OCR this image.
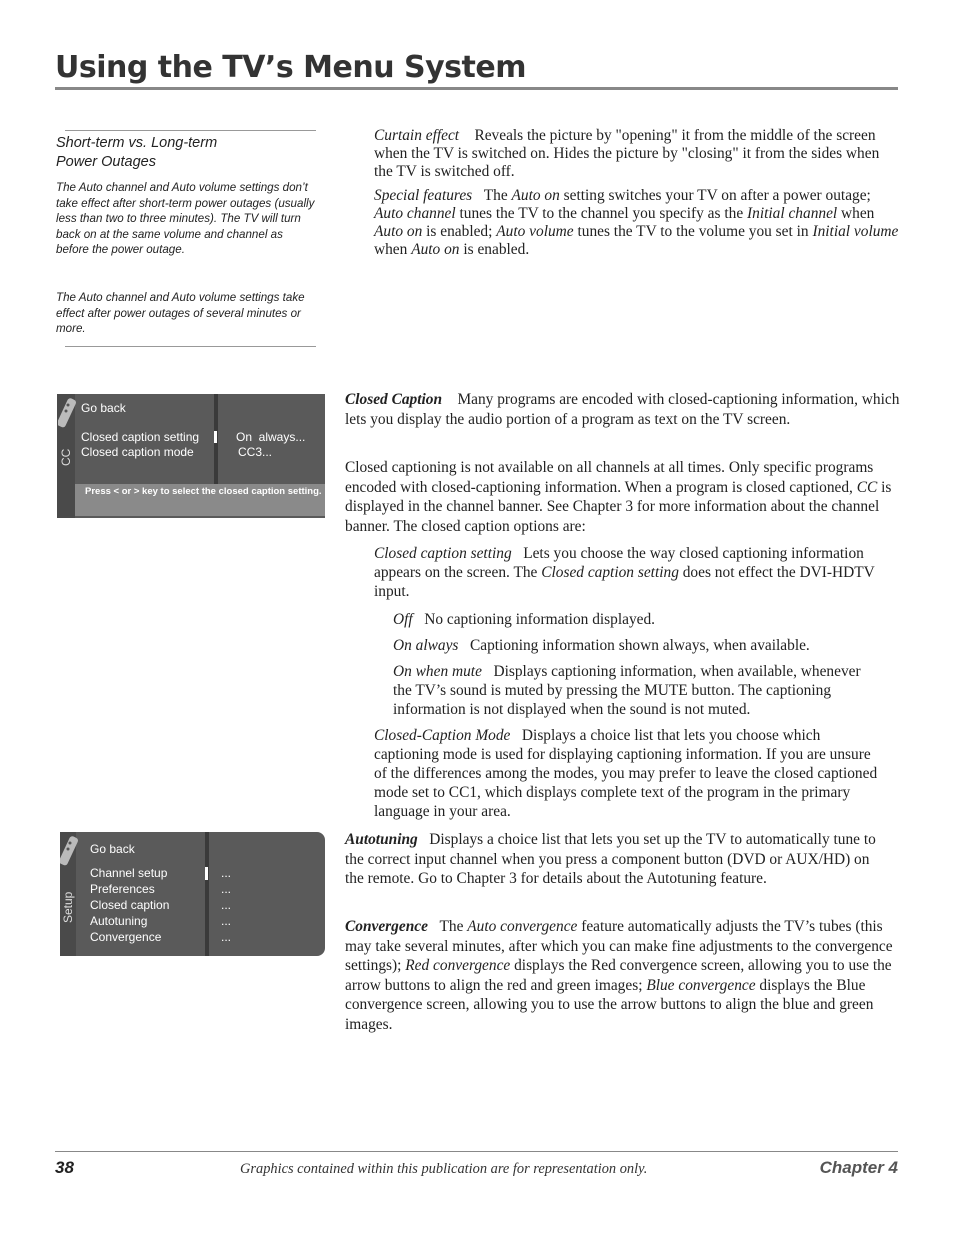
Using the TV’s Menu System
Short-term vs. Long-term
Power Outages

The Auto channel and Auto volume settings don’t take effect after short-term power outages (usually less than two to three minutes). The TV will turn back on at the same volume and channel as before the power outage.

The Auto channel and Auto volume settings take effect after power outages of several minutes or more.

Curtain effect Reveals the picture by "opening" it from the middle of the screen when the TV is switched on. Hides the picture by "closing" it from the sides when the TV is switched off.

Special features The Auto on setting switches your TV on after a power outage; Auto channel tunes the TV to the channel you specify as the Initial channel when Auto on is enabled; Auto volume tunes the TV to the volume you set in Initial volume when Auto on is enabled.

CC
Go back
Closed caption setting
Closed caption mode
On  always...
CC3...
Press < or > key to select the closed caption setting.

Closed Caption Many programs are encoded with closed-captioning information, which lets you display the audio portion of a program as text on the TV screen.

Closed captioning is not available on all channels at all times. Only specific programs encoded with closed-captioning information. When a program is closed captioned, CC is displayed in the channel banner. See Chapter 3 for more information about the channel banner. The closed caption options are:

Closed caption setting Lets you choose the way closed captioning information appears on the screen. The Closed caption setting does not effect the DVI-HDTV input.

Off No captioning information displayed.

On always Captioning information shown always, when available.

On when mute Displays captioning information, when available, whenever the TV’s sound is muted by pressing the MUTE button. The captioning information is not displayed when the sound is not muted.

Closed-Caption Mode Displays a choice list that lets you choose which captioning mode is used for displaying captioning information. If you are unsure of the differences among the modes, you may prefer to leave the closed captioned mode set to CC1, which displays complete text of the program in the primary language in your area.

Setup
Go back
Channel setup
Preferences
Closed caption
Autotuning
Convergence
...
...
...
...
...

Autotuning Displays a choice list that lets you set up the TV to automatically tune to the correct input channel when you press a component button (DVD or AUX/HD) on the remote. Go to Chapter 3 for details about the Autotuning feature.

Convergence The Auto convergence feature automatically adjusts the TV’s tubes (this may take several minutes, after which you can make fine adjustments to the convergence settings); Red convergence displays the Red convergence screen, allowing you to use the arrow buttons to align the red and green images; Blue convergence displays the Blue convergence screen, allowing you to use the arrow buttons to align the blue and green images.

38	Graphics contained within this publication are for representation only.	Chapter 4
